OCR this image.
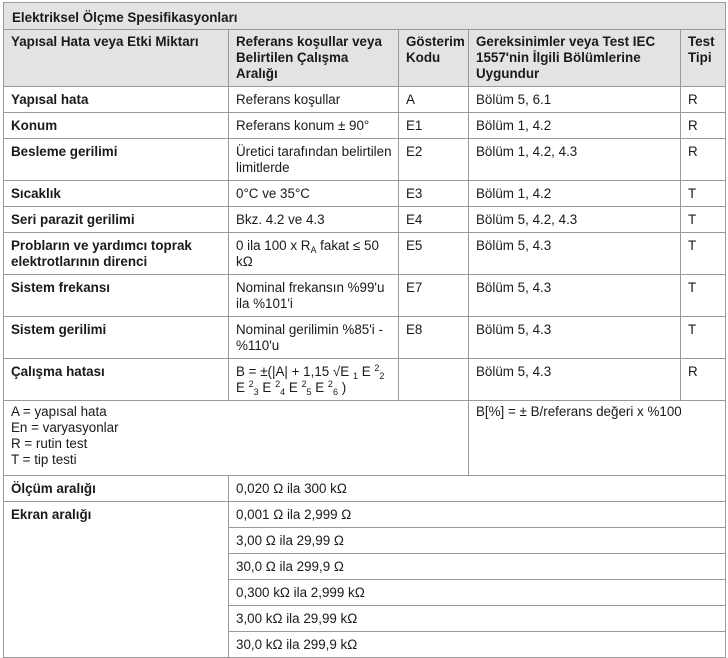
Elektriksel Ölçme Spesifikasyonları				
Yapısal Hata veya Etki Miktarı	Referans koşullar veya Belirtilen Çalışma Aralığı	Gösterim Kodu	Gereksinimler veya Test IEC 1557'nin İlgili Bölümlerine Uygundur	Test Tipi
Yapısal hata	Referans koşullar	A	Bölüm 5, 6.1	R
Konum	Referans konum ± 90°	E1	Bölüm 1, 4.2	R
Besleme gerilimi	Üretici tarafından belirtilen limitlerde	E2	Bölüm 1, 4.2, 4.3	R
Sıcaklık	0°C ve 35°C	E3	Bölüm 1, 4.2	T
Seri parazit gerilimi	Bkz. 4.2 ve 4.3	E4	Bölüm 5, 4.2, 4.3	T
Probların ve yardımcı toprak elektrotlarının direnci	0 ila 100 x $R_A$ fakat ≤ 50 kΩ	E5	Bölüm 5, 4.3	T
Sistem frekansı	Nominal frekansın %99'u ila %101'i	E7	Bölüm 5, 4.3	T
Sistem gerilimi	Nominal gerilimin %85'i - %110'u	E8	Bölüm 5, 4.3	T
Çalışma hatası	B = ±(|A| + 1,15 √E $_1$ E $^2_2$ E $^2_3$ E $^2_4$ E $^2_5$ E $^2_6$ )		Bölüm 5, 4.3	R

A = yapısal hata
En = varyasyonlar
R = rutin test
T = tip testi			B[%] = ± B/referans değeri x %100	
Ölçüm aralığı	0,020 Ω ila 300 kΩ			
Ekran aralığı	0,001 Ω ila 2,999 Ω			
	3,00 Ω ila 29,99 Ω			
	30,0 Ω ila 299,9 Ω			
	0,300 kΩ ila 2,999 kΩ			
	3,00 kΩ ila 29,99 kΩ			
	30,0 kΩ ila 299,9 kΩ			
